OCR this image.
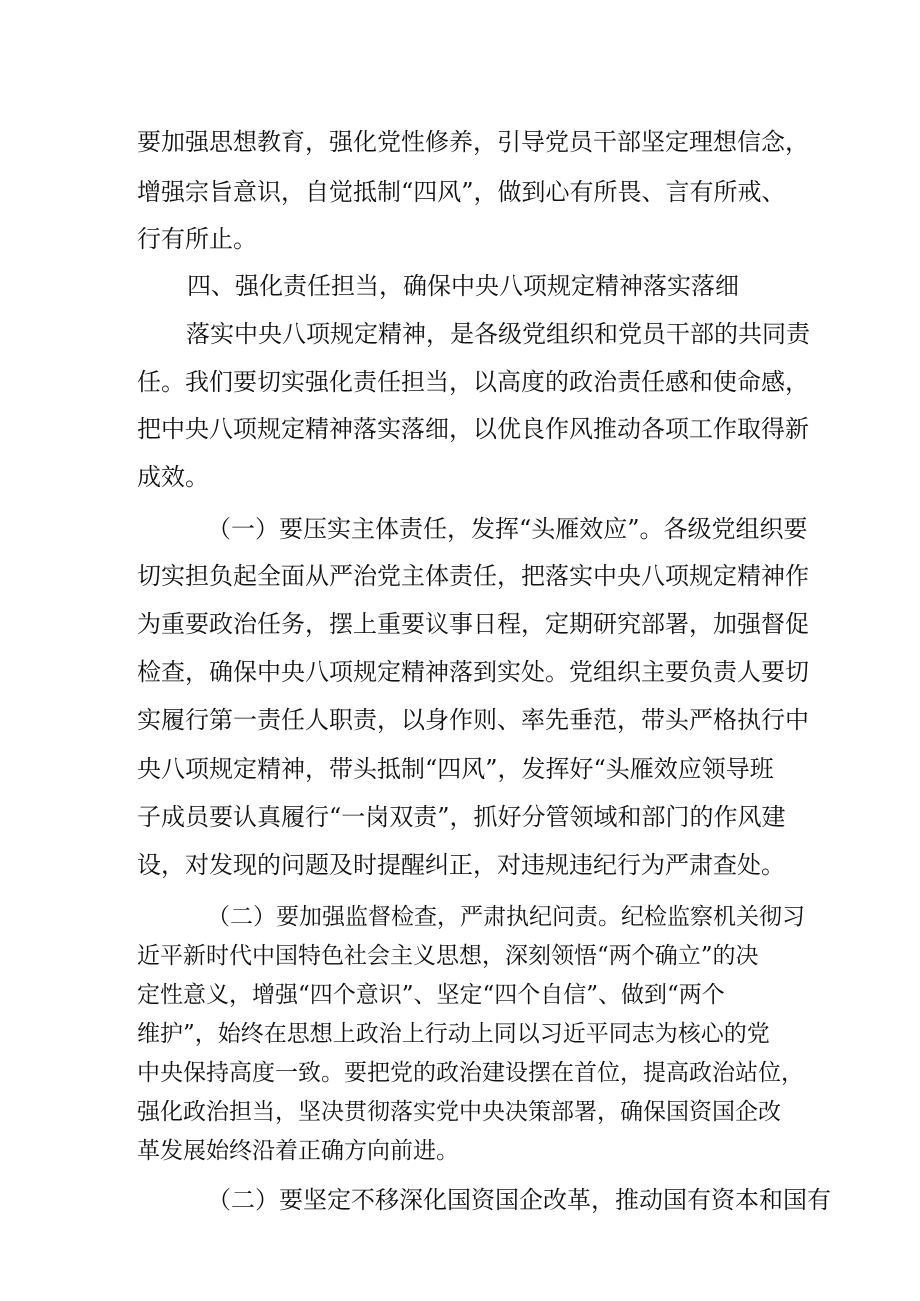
要加强思想教育，强化党性修养，引导党员干部坚定理想信念，

增强宗旨意识，自觉抵制“四风”，做到心有所畏、言有所戒、

行有所止。

四、强化责任担当，确保中央八项规定精神落实落细

落实中央八项规定精神，是各级党组织和党员干部的共同责

任。我们要切实强化责任担当，以高度的政治责任感和使命感，

把中央八项规定精神落实落细，以优良作风推动各项工作取得新

成效。

（一）要压实主体责任，发挥“头雁效应”。各级党组织要

切实担负起全面从严治党主体责任，把落实中央八项规定精神作

为重要政治任务，摆上重要议事日程，定期研究部署，加强督促

检查，确保中央八项规定精神落到实处。党组织主要负责人要切

实履行第一责任人职责，以身作则、率先垂范，带头严格执行中

央八项规定精神，带头抵制“四风”，发挥好“头雁效应领导班

子成员要认真履行“一岗双责”，抓好分管领域和部门的作风建

设，对发现的问题及时提醒纠正，对违规违纪行为严肃查处。

（二）要加强监督检查，严肃执纪问责。纪检监察机关彻习

近平新时代中国特色社会主义思想，深刻领悟“两个确立”的决

定性意义，增强“四个意识”、坚定“四个自信”、做到“两个

维护”，始终在思想上政治上行动上同以习近平同志为核心的党

中央保持高度一致。要把党的政治建设摆在首位，提高政治站位，

强化政治担当，坚决贯彻落实党中央决策部署，确保国资国企改

革发展始终沿着正确方向前进。

（二）要坚定不移深化国资国企改革，推动国有资本和国有
